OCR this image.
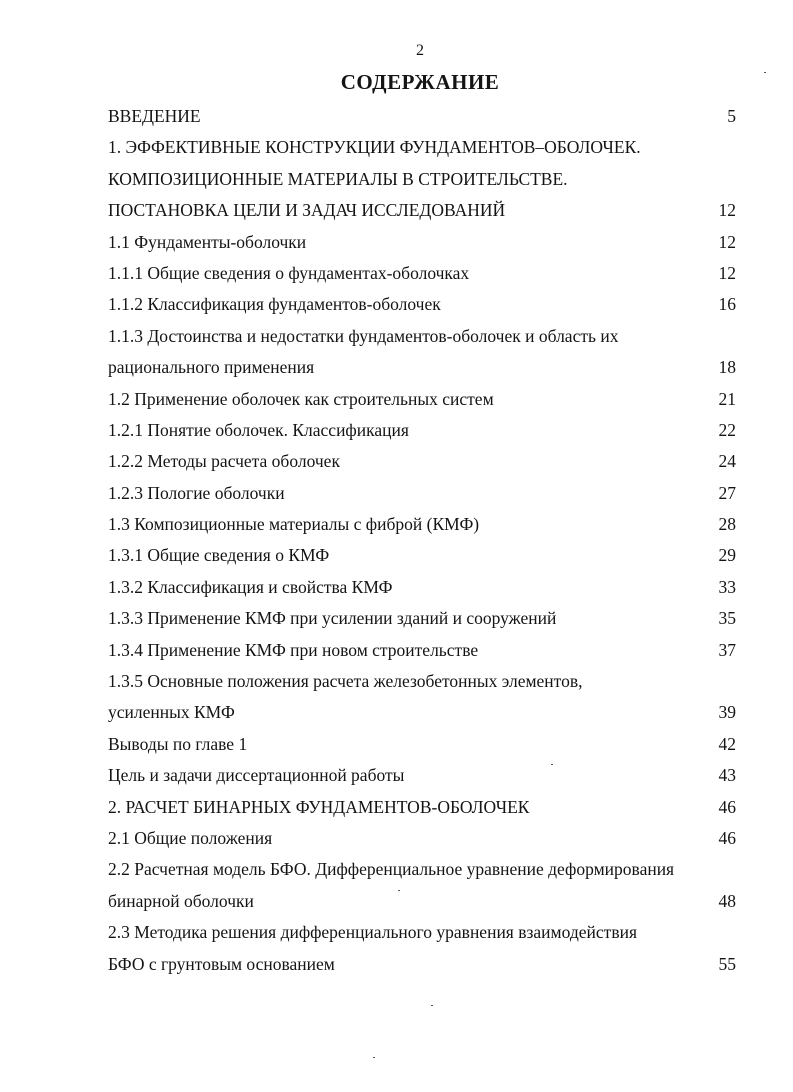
2
СОДЕРЖАНИЕ
ВВЕДЕНИЕ	5
1. ЭФФЕКТИВНЫЕ КОНСТРУКЦИИ ФУНДАМЕНТОВ–ОБОЛОЧЕК.
КОМПОЗИЦИОННЫЕ МАТЕРИАЛЫ В СТРОИТЕЛЬСТВЕ.
ПОСТАНОВКА ЦЕЛИ И ЗАДАЧ ИССЛЕДОВАНИЙ	12
1.1 Фундаменты-оболочки	12
1.1.1 Общие сведения о фундаментах-оболочках	12
1.1.2 Классификация фундаментов-оболочек	16
1.1.3 Достоинства и недостатки фундаментов-оболочек и область их
рационального применения	18
1.2 Применение оболочек как строительных систем	21
1.2.1 Понятие оболочек. Классификация	22
1.2.2 Методы расчета оболочек	24
1.2.3 Пологие оболочки	27
1.3 Композиционные материалы с фиброй (КМФ)	28
1.3.1 Общие сведения о КМФ	29
1.3.2 Классификация и свойства КМФ	33
1.3.3 Применение КМФ при усилении зданий и сооружений	35
1.3.4 Применение КМФ при новом строительстве	37
1.3.5 Основные положения расчета железобетонных элементов,
усиленных КМФ	39
Выводы по главе 1	42
Цель и задачи диссертационной работы	43
2. РАСЧЕТ БИНАРНЫХ ФУНДАМЕНТОВ-ОБОЛОЧЕК	46
2.1 Общие положения	46
2.2 Расчетная модель БФО. Дифференциальное уравнение деформирования
бинарной оболочки	48
2.3 Методика решения дифференциального уравнения взаимодействия
БФО с грунтовым основанием	55
